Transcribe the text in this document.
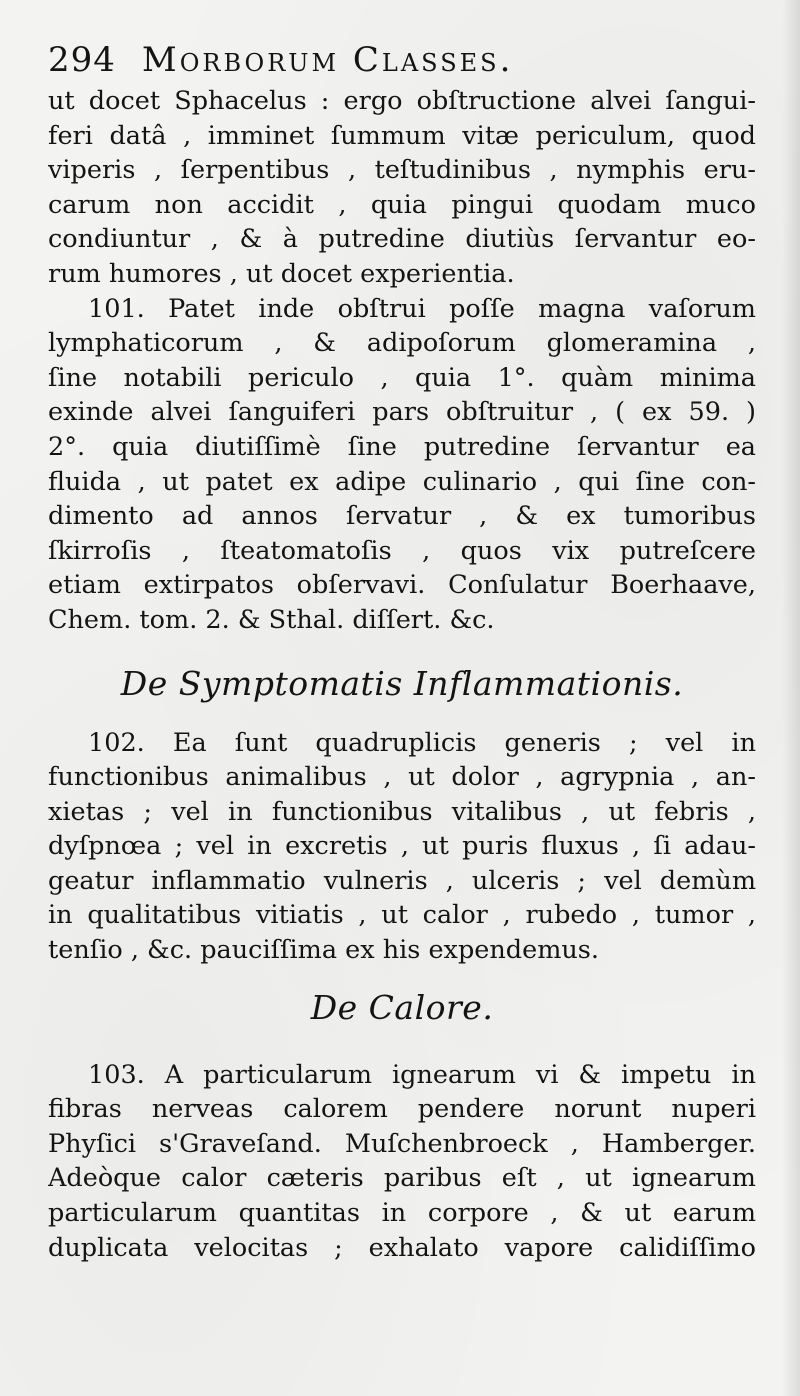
294 Morborum Classes.
ut docet Sphacelus : ergo obſtructione alvei ſangui-
feri datâ , imminet ſummum vitæ periculum, quod
viperis , ſerpentibus , teſtudinibus , nymphis eru-
carum non accidit , quia pingui quodam muco
condiuntur , & à putredine diutiùs ſervantur eo-
rum humores , ut docet experientia.
101. Patet inde obſtrui poſſe magna vaſorum
lymphaticorum , & adipoſorum glomeramina ,
ſine notabili periculo , quia 1°. quàm minima
exinde alvei ſanguiferi pars obſtruitur , ( ex 59. )
2°. quia diutiſſimè ſine putredine ſervantur ea
fluida , ut patet ex adipe culinario , qui ſine con-
dimento ad annos ſervatur , & ex tumoribus
ſkirroſis , ſteatomatoſis , quos vix putreſcere
etiam extirpatos obſervavi. Conſulatur Boerhaave,
Chem. tom. 2. & Sthal. diſſert. &c.
De Symptomatis Inflammationis.
102. Ea ſunt quadruplicis generis ; vel in
functionibus animalibus , ut dolor , agrypnia , an-
xietas ; vel in functionibus vitalibus , ut febris ,
dyſpnœa ; vel in excretis , ut puris fluxus , ſi adau-
geatur inflammatio vulneris , ulceris ; vel demùm
in qualitatibus vitiatis , ut calor , rubedo , tumor ,
tenſio , &c. pauciſſima ex his expendemus.
De Calore.
103. A particularum ignearum vi & impetu in
fibras nerveas calorem pendere norunt nuperi
Phyſici s'Graveſand. Muſchenbroeck , Hamberger.
Adeòque calor cæteris paribus eſt , ut ignearum
particularum quantitas in corpore , & ut earum
duplicata velocitas ; exhalato vapore calidiſſimo
